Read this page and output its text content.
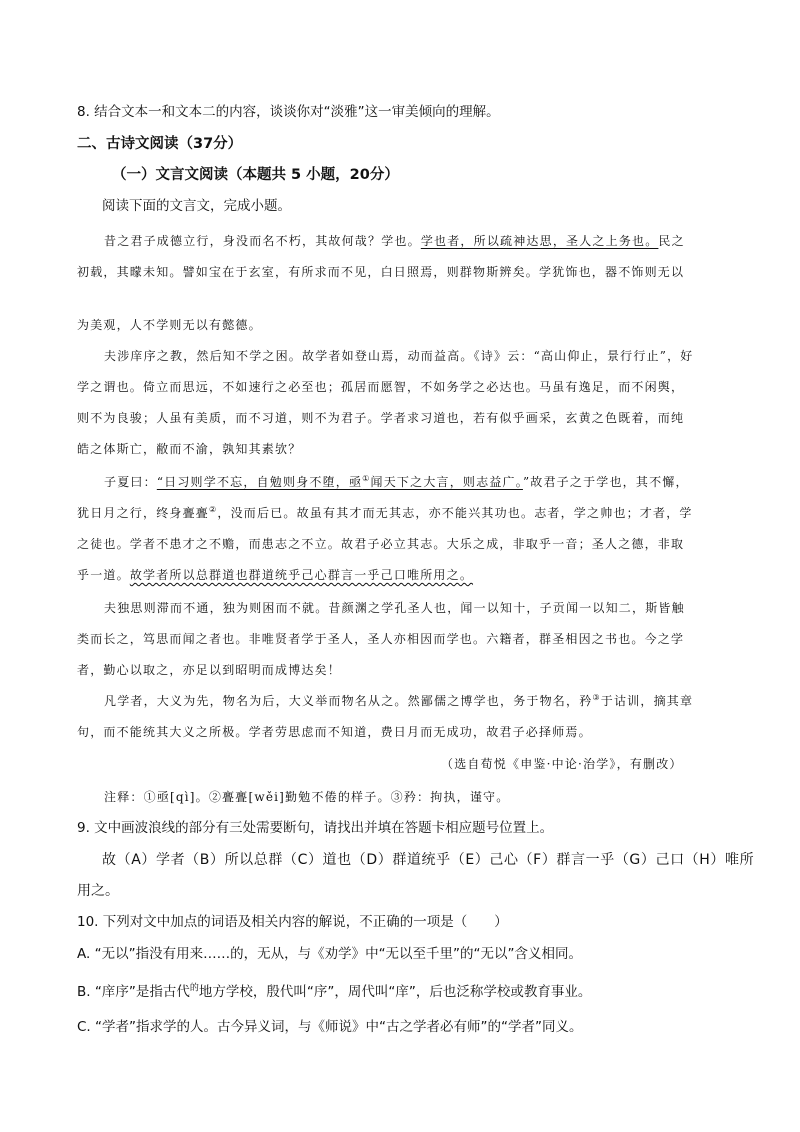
8. 结合文本一和文本二的内容，谈谈你对“淡雅”这一审美倾向的理解。
二、古诗文阅读（37分）
（一）文言文阅读（本题共 5 小题，20分）
阅读下面的文言文，完成小题。
昔之君子成德立行，身没而名不朽，其故何哉？学也。学也者，所以疏神达思，圣人之上务也。民之
初载，其曚未知。譬如宝在于玄室，有所求而不见，白日照焉，则群物斯辨矣。学犹饰也，器不饰则无以
为美观，人不学则无以有懿德。
夫涉庠序之教，然后知不学之困。故学者如登山焉，动而益高。《诗》云：“高山仰止，景行行止”，好
学之谓也。倚立而思远，不如速行之必至也；孤居而愿智，不如务学之必达也。马虽有逸足，而不闲舆，
则不为良骏；人虽有美质，而不习道，则不为君子。学者求习道也，若有似乎画采，玄黄之色既着，而纯
皓之体斯亡，敝而不渝，孰知其素欤？
子夏曰：“日习则学不忘，自勉则身不堕，亟①闻天下之大言，则志益广。”故君子之于学也，其不懈，
犹日月之行，终身亹亹②，没而后已。故虽有其才而无其志，亦不能兴其功也。志者，学之帅也；才者，学
之徒也。学者不患才之不赡，而患志之不立。故君子必立其志。大乐之成，非取乎一音；圣人之德，非取
乎一道。故学者所以总群道也群道统乎己心群言一乎己口唯所用之。
夫独思则滞而不通，独为则困而不就。昔颜渊之学孔圣人也，闻一以知十，子贡闻一以知二，斯皆触
类而长之，笃思而闻之者也。非唯贤者学于圣人，圣人亦相因而学也。六籍者，群圣相因之书也。今之学
者，勤心以取之，亦足以到昭明而成博达矣！
凡学者，大义为先，物名为后，大义举而物名从之。然鄙儒之博学也，务于物名，矜③于诂训，摘其章
句，而不能统其大义之所极。学者劳思虑而不知道，费日月而无成功，故君子必择师焉。
（选自荀悦《申鉴·中论·治学》，有删改）
注释：①亟[qì]。②亹亹[wěi]勤勉不倦的样子。③矜：拘执，谨守。
9. 文中画波浪线的部分有三处需要断句，请找出并填在答题卡相应题号位置上。
故（A）学者（B）所以总群（C）道也（D）群道统乎（E）己心（F）群言一乎（G）己口（H）唯所
用之。
10. 下列对文中加点的词语及相关内容的解说，不正确的一项是（　　）
A. “无以”指没有用来……的，无从，与《劝学》中“无以至千里”的“无以”含义相同。
B. “庠序”是指古代$^的$地方学校，殷代叫“序”，周代叫“庠”，后也泛称学校或教育事业。
C. “学者”指求学的人。古今异义词，与《师说》中“古之学者必有师”的“学者”同义。
